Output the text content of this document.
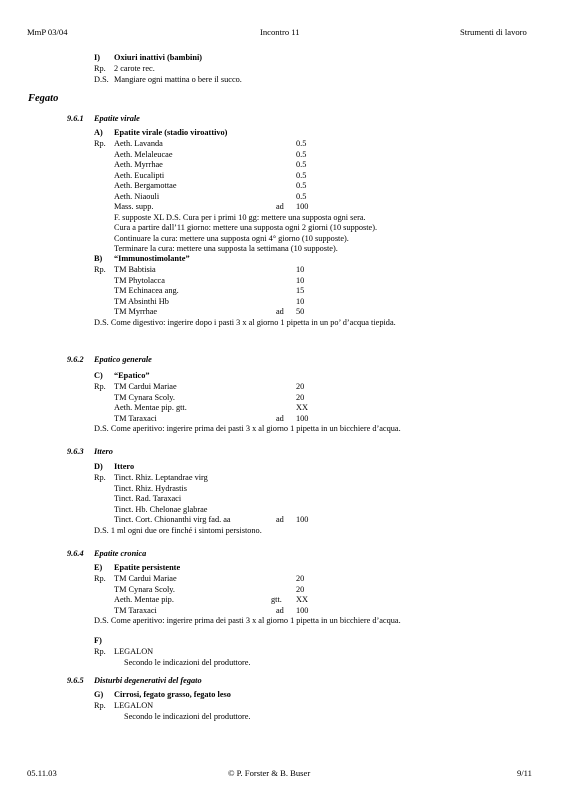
MmP 03/04	Incontro 11	Strumenti di lavoro
I) Oxiuri inattivi (bambini)
Rp. 2 carote rec.
D.S. Mangiare ogni mattina o bere il succo.
Fegato
9.6.1 Epatite virale
9.6.2 Epatico generale
9.6.3 Ittero
9.6.4 Epatite cronica
9.6.5 Disturbi degenerativi del fegato
A) Epatite virale (stadio viroattivo)
Rp. Aeth. Lavanda	0.5
Aeth. Melaleucae	0.5
Aeth. Myrrhae	0.5
Aeth. Eucalipti	0.5
Aeth. Bergamottae	0.5
Aeth. Niaouli	0.5
Mass. supp.	ad 100
F. supposte XL D.S. Cura per i primi 10 gg: mettere una supposta ogni sera.
Cura a partire dall’11 giorno: mettere una supposta ogni 2 giorni (10 supposte).
Continuare la cura: mettere una supposta ogni 4° giorno (10 supposte).
Terminare la cura: mettere una supposta la settimana (10 supposte).
B) “Immunostimolante”
Rp. TM Babtisia	10
TM Phytolacca	10
TM Echinacea ang.	15
TM Absinthi Hb	10
TM Myrrhae	ad 50
D.S. Come digestivo: ingerire dopo i pasti 3 x al giorno 1 pipetta in un po’ d’acqua tiepida.
C) “Epatico”
Rp. TM Cardui Mariae	20
TM Cynara Scoly.	20
Aeth. Mentae pip. gtt.	XX
TM Taraxaci	ad 100
D.S. Come aperitivo: ingerire prima dei pasti 3 x al giorno 1 pipetta in un bicchiere d’acqua.
D) Ittero
Rp. Tinct. Rhiz. Leptandrae virg
Tinct. Rhiz. Hydrastis
Tinct. Rad. Taraxaci
Tinct. Hb. Chelonae glabrae
Tinct. Cort. Chionanthi virg fad. aa	ad 100
D.S. 1 ml ogni due ore finché i sintomi persistono.
E) Epatite persistente
Rp. TM Cardui Mariae	20
TM Cynara Scoly.	20
Aeth. Mentae pip.	gtt. XX
TM Taraxaci	ad 100
D.S. Come aperitivo: ingerire prima dei pasti 3 x al giorno 1 pipetta in un bicchiere d’acqua.
F)
Rp. LEGALON
Secondo le indicazioni del produttore.
G) Cirrosi, fegato grasso, fegato leso
Rp. LEGALON
Secondo le indicazioni del produttore.
05.11.03	© P. Forster & B. Buser	9/11
